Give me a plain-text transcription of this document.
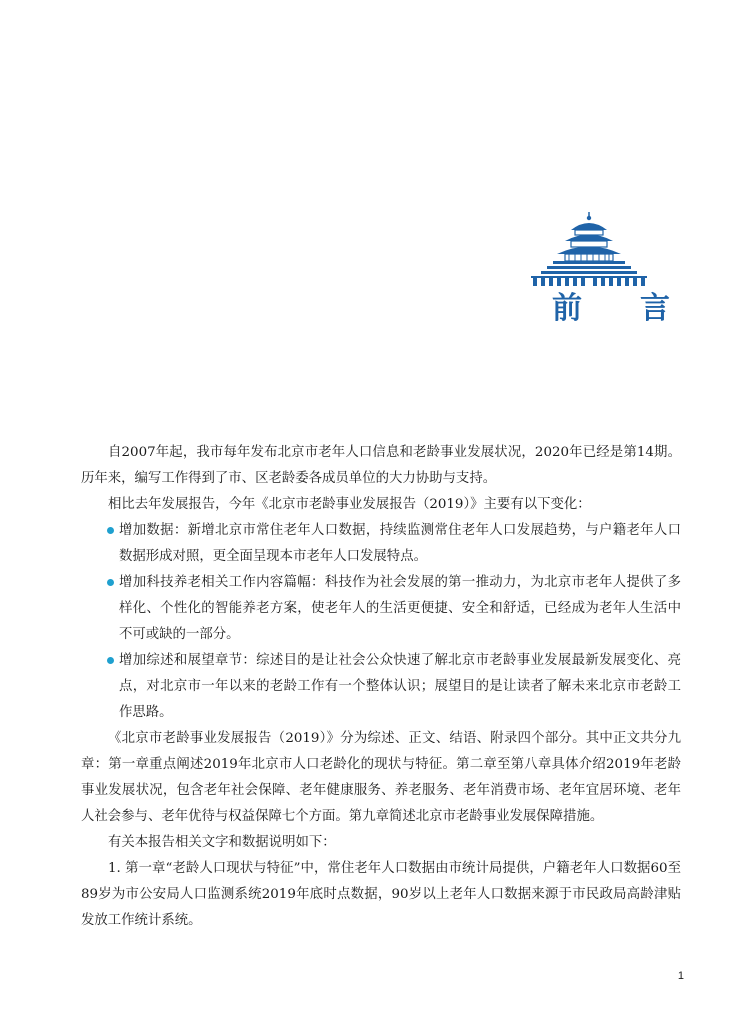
前 言

自2007年起，我市每年发布北京市老年人口信息和老龄事业发展状况，2020年已经是第14期。历年来，编写工作得到了市、区老龄委各成员单位的大力协助与支持。

相比去年发展报告，今年《北京市老龄事业发展报告（2019）》主要有以下变化：

增加数据：新增北京市常住老年人口数据，持续监测常住老年人口发展趋势，与户籍老年人口数据形成对照，更全面呈现本市老年人口发展特点。

增加科技养老相关工作内容篇幅：科技作为社会发展的第一推动力，为北京市老年人提供了多样化、个性化的智能养老方案，使老年人的生活更便捷、安全和舒适，已经成为老年人生活中不可或缺的一部分。

增加综述和展望章节：综述目的是让社会公众快速了解北京市老龄事业发展最新发展变化、亮点，对北京市一年以来的老龄工作有一个整体认识；展望目的是让读者了解未来北京市老龄工作思路。

《北京市老龄事业发展报告（2019）》分为综述、正文、结语、附录四个部分。其中正文共分九章：第一章重点阐述2019年北京市人口老龄化的现状与特征。第二章至第八章具体介绍2019年老龄事业发展状况，包含老年社会保障、老年健康服务、养老服务、老年消费市场、老年宜居环境、老年人社会参与、老年优待与权益保障七个方面。第九章简述北京市老龄事业发展保障措施。

有关本报告相关文字和数据说明如下：

1. 第一章“老龄人口现状与特征”中，常住老年人口数据由市统计局提供，户籍老年人口数据60至89岁为市公安局人口监测系统2019年底时点数据，90岁以上老年人口数据来源于市民政局高龄津贴发放工作统计系统。

1
